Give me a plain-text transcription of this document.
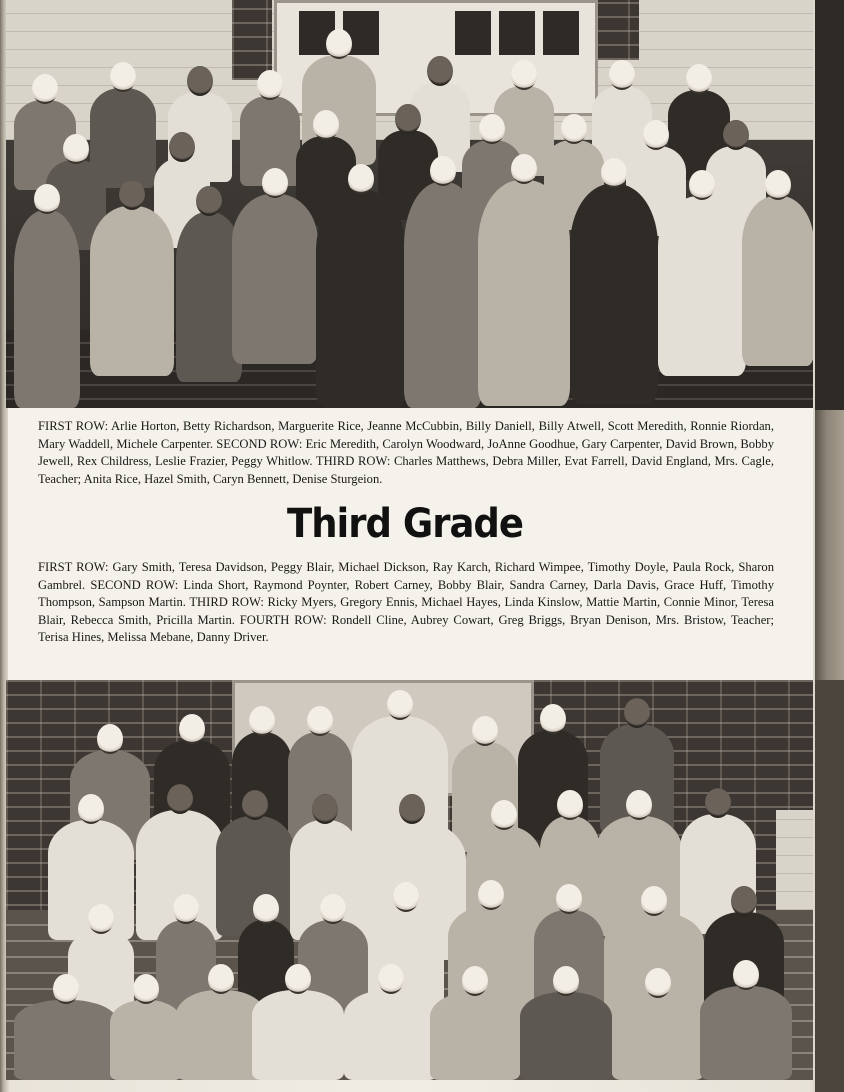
FIRST ROW: Arlie Horton, Betty Richardson, Marguerite Rice, Jeanne McCubbin, Billy Daniell, Billy Atwell, Scott Meredith, Ronnie Riordan, Mary Waddell, Michele Carpenter. SECOND ROW: Eric Meredith, Carolyn Woodward, JoAnne Goodhue, Gary Carpenter, David Brown, Bobby Jewell, Rex Childress, Leslie Frazier, Peggy Whitlow. THIRD ROW: Charles Matthews, Debra Miller, Evat Farrell, David England, Mrs. Cagle, Teacher; Anita Rice, Hazel Smith, Caryn Bennett, Denise Sturgeion.

Third Grade

FIRST ROW: Gary Smith, Teresa Davidson, Peggy Blair, Michael Dickson, Ray Karch, Richard Wimpee, Timothy Doyle, Paula Rock, Sharon Gambrel. SECOND ROW: Linda Short, Raymond Poynter, Robert Carney, Bobby Blair, Sandra Carney, Darla Davis, Grace Huff, Timothy Thompson, Sampson Martin. THIRD ROW: Ricky Myers, Gregory Ennis, Michael Hayes, Linda Kinslow, Mattie Martin, Connie Minor, Teresa Blair, Rebecca Smith, Pricilla Martin. FOURTH ROW: Rondell Cline, Aubrey Cowart, Greg Briggs, Bryan Denison, Mrs. Bristow, Teacher; Terisa Hines, Melissa Mebane, Danny Driver.
